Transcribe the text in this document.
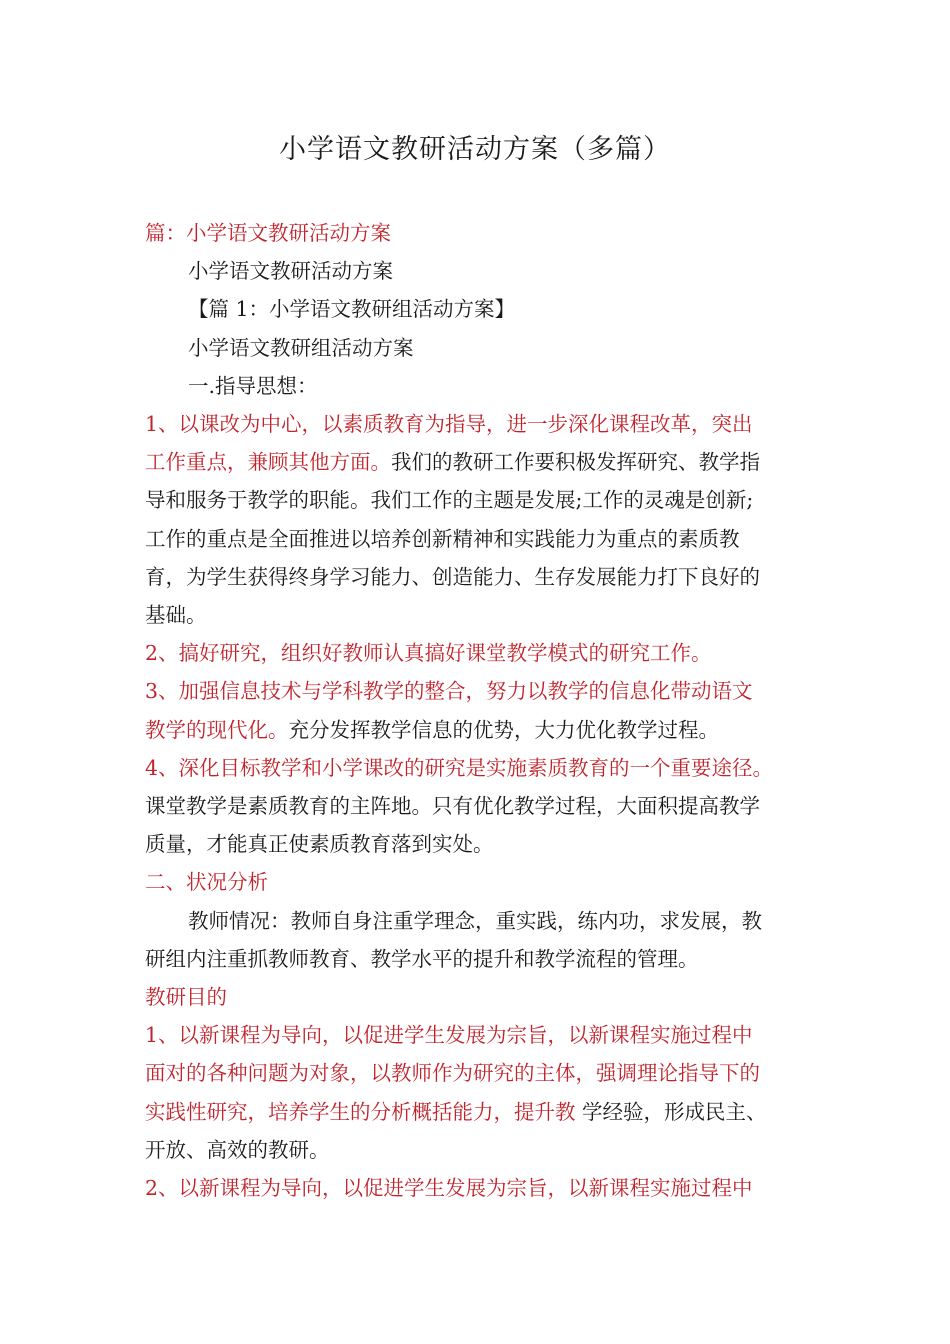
小学语文教研活动方案（多篇）

篇：小学语文教研活动方案

小学语文教研活动方案

【篇 1：小学语文教研组活动方案】

小学语文教研组活动方案

一.指导思想：

1、以课改为中心，以素质教育为指导，进一步深化课程改革，突出
工作重点，兼顾其他方面。我们的教研工作要积极发挥研究、教学指
导和服务于教学的职能。我们工作的主题是发展;工作的灵魂是创新;
工作的重点是全面推进以培养创新精神和实践能力为重点的素质教
育，为学生获得终身学习能力、创造能力、生存发展能力打下良好的
基础。

2、搞好研究，组织好教师认真搞好课堂教学模式的研究工作。

3、加强信息技术与学科教学的整合，努力以教学的信息化带动语文
教学的现代化。充分发挥教学信息的优势，大力优化教学过程。
4、深化目标教学和小学课改的研究是实施素质教育的一个重要途径。
课堂教学是素质教育的主阵地。只有优化教学过程，大面积提高教学
质量，才能真正使素质教育落到实处。

二、状况分析

教师情况：教师自身注重学理念，重实践，练内功，求发展，教
研组内注重抓教师教育、教学水平的提升和教学流程的管理。

教研目的

1、以新课程为导向，以促进学生发展为宗旨，以新课程实施过程中
面对的各种问题为对象，以教师作为研究的主体，强调理论指导下的
实践性研究，培养学生的分析概括能力，提升教 学经验，形成民主、
开放、高效的教研。

2、以新课程为导向，以促进学生发展为宗旨，以新课程实施过程中
